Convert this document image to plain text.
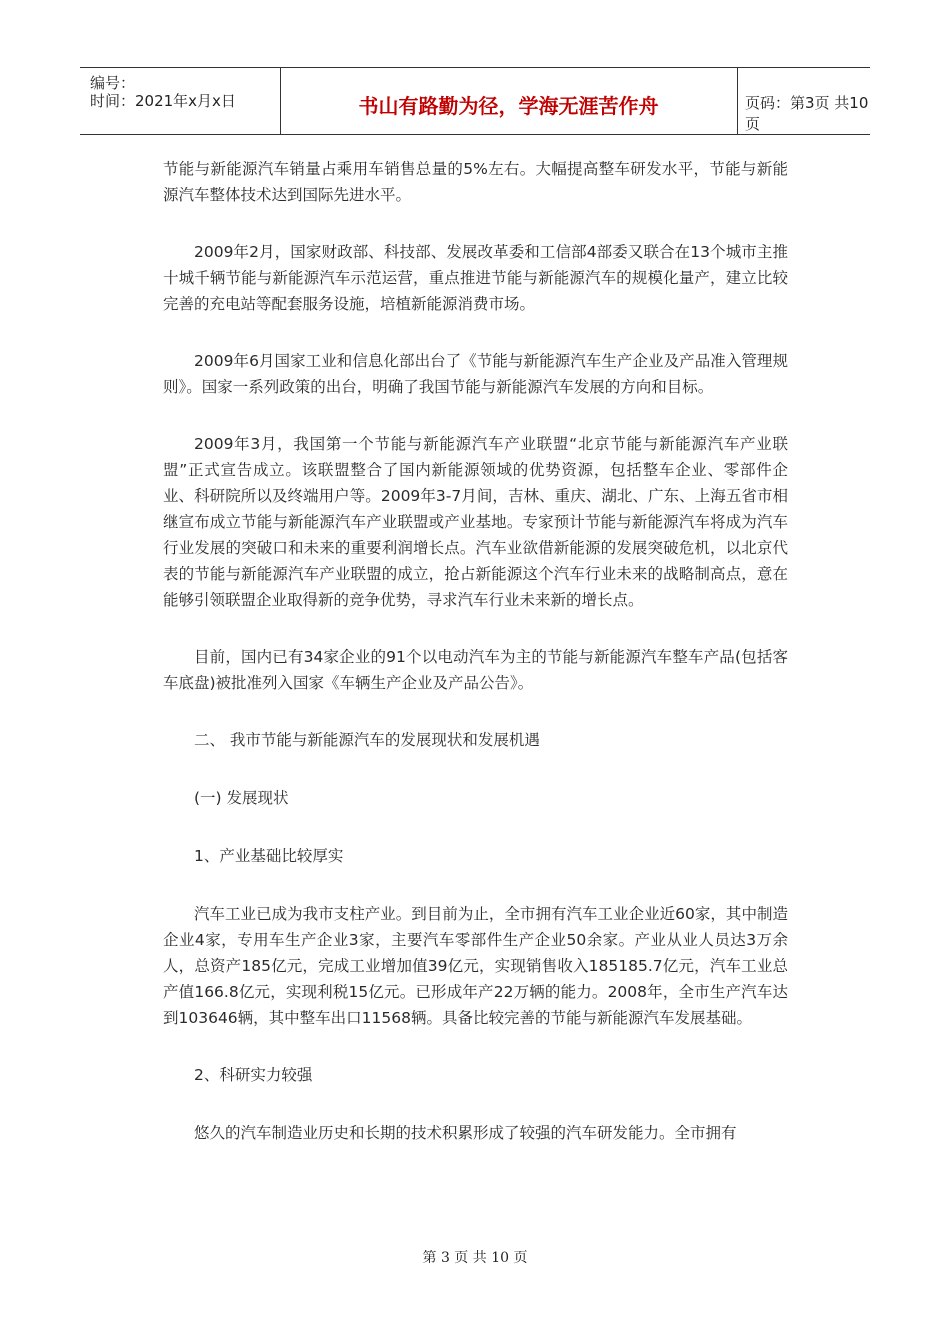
编号：
时间：2021年x月x日	书山有路勤为径，学海无涯苦作舟	页码：第3页 共10页

节能与新能源汽车销量占乘用车销售总量的5%左右。大幅提高整车研发水平，节能与新能源汽车整体技术达到国际先进水平。

2009年2月，国家财政部、科技部、发展改革委和工信部4部委又联合在13个城市主推十城千辆节能与新能源汽车示范运营，重点推进节能与新能源汽车的规模化量产，建立比较完善的充电站等配套服务设施，培植新能源消费市场。

2009年6月国家工业和信息化部出台了《节能与新能源汽车生产企业及产品准入管理规则》。国家一系列政策的出台，明确了我国节能与新能源汽车发展的方向和目标。

2009年3月，我国第一个节能与新能源汽车产业联盟“北京节能与新能源汽车产业联盟”正式宣告成立。该联盟整合了国内新能源领域的优势资源，包括整车企业、零部件企业、科研院所以及终端用户等。2009年3-7月间，吉林、重庆、湖北、广东、上海五省市相继宣布成立节能与新能源汽车产业联盟或产业基地。专家预计节能与新能源汽车将成为汽车行业发展的突破口和未来的重要利润增长点。汽车业欲借新能源的发展突破危机，以北京代表的节能与新能源汽车产业联盟的成立，抢占新能源这个汽车行业未来的战略制高点，意在能够引领联盟企业取得新的竞争优势，寻求汽车行业未来新的增长点。

目前，国内已有34家企业的91个以电动汽车为主的节能与新能源汽车整车产品(包括客车底盘)被批准列入国家《车辆生产企业及产品公告》。

二、 我市节能与新能源汽车的发展现状和发展机遇

(一) 发展现状

1、产业基础比较厚实

汽车工业已成为我市支柱产业。到目前为止，全市拥有汽车工业企业近60家，其中制造企业4家，专用车生产企业3家，主要汽车零部件生产企业50余家。产业从业人员达3万余人，总资产185亿元，完成工业增加值39亿元，实现销售收入185185.7亿元，汽车工业总产值166.8亿元，实现利税15亿元。已形成年产22万辆的能力。2008年，全市生产汽车达到103646辆，其中整车出口11568辆。具备比较完善的节能与新能源汽车发展基础。

2、科研实力较强

悠久的汽车制造业历史和长期的技术积累形成了较强的汽车研发能力。全市拥有

第 3 页 共 10 页
